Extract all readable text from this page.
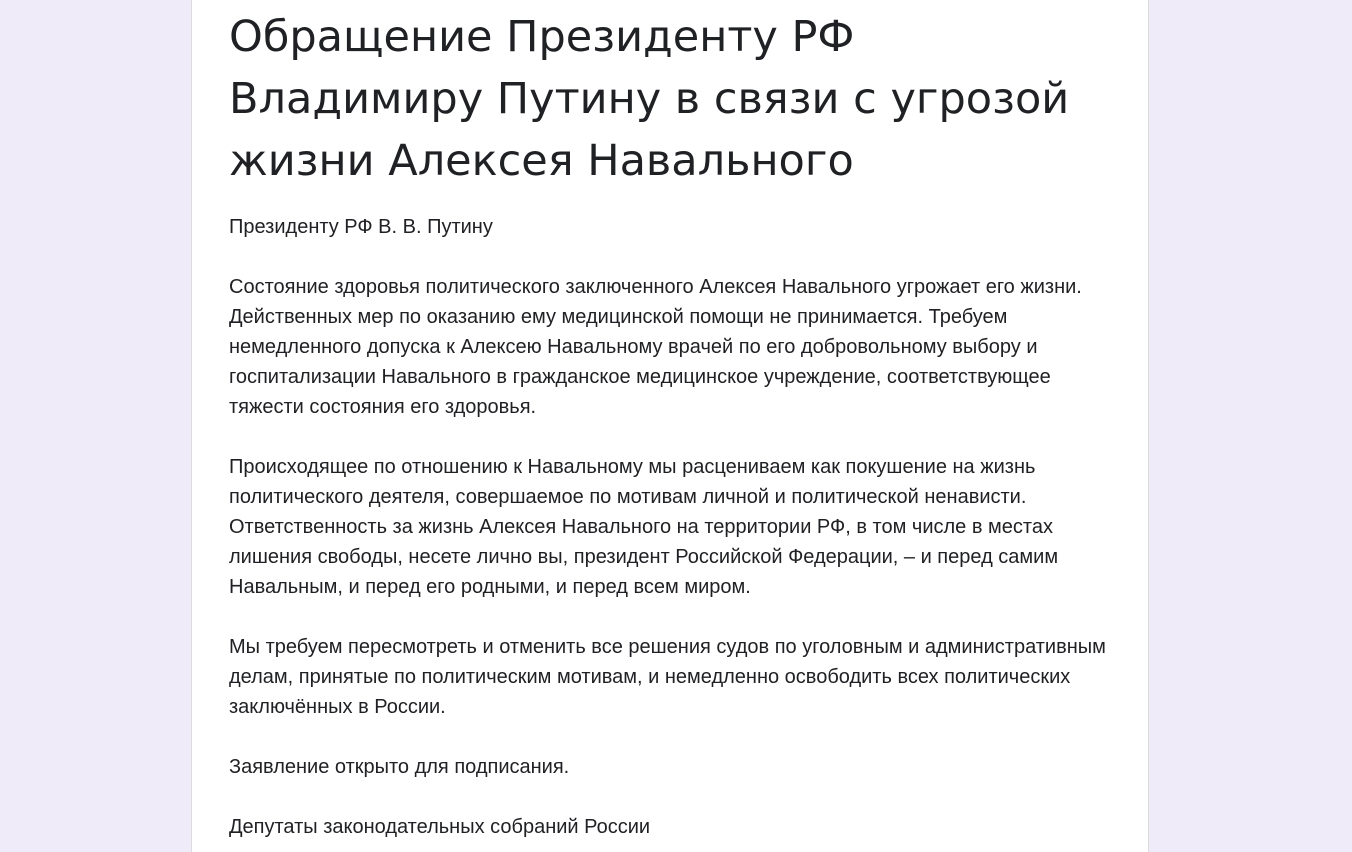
Обращение Президенту РФ Владимиру Путину в связи с угрозой жизни Алексея Навального

Президенту РФ В. В. Путину

Состояние здоровья политического заключенного Алексея Навального угрожает его жизни. Действенных мер по оказанию ему медицинской помощи не принимается. Требуем немедленного допуска к Алексею Навальному врачей по его добровольному выбору и госпитализации Навального в гражданское медицинское учреждение, соответствующее тяжести состояния его здоровья.

Происходящее по отношению к Навальному мы расцениваем как покушение на жизнь политического деятеля, совершаемое по мотивам личной и политической ненависти. Ответственность за жизнь Алексея Навального на территории РФ, в том числе в местах лишения свободы, несете лично вы, президент Российской Федерации, – и перед самим Навальным, и перед его родными, и перед всем миром.

Мы требуем пересмотреть и отменить все решения судов по уголовным и административным делам, принятые по политическим мотивам, и немедленно освободить всех политических заключённых в России.

Заявление открыто для подписания.

Депутаты законодательных собраний России
